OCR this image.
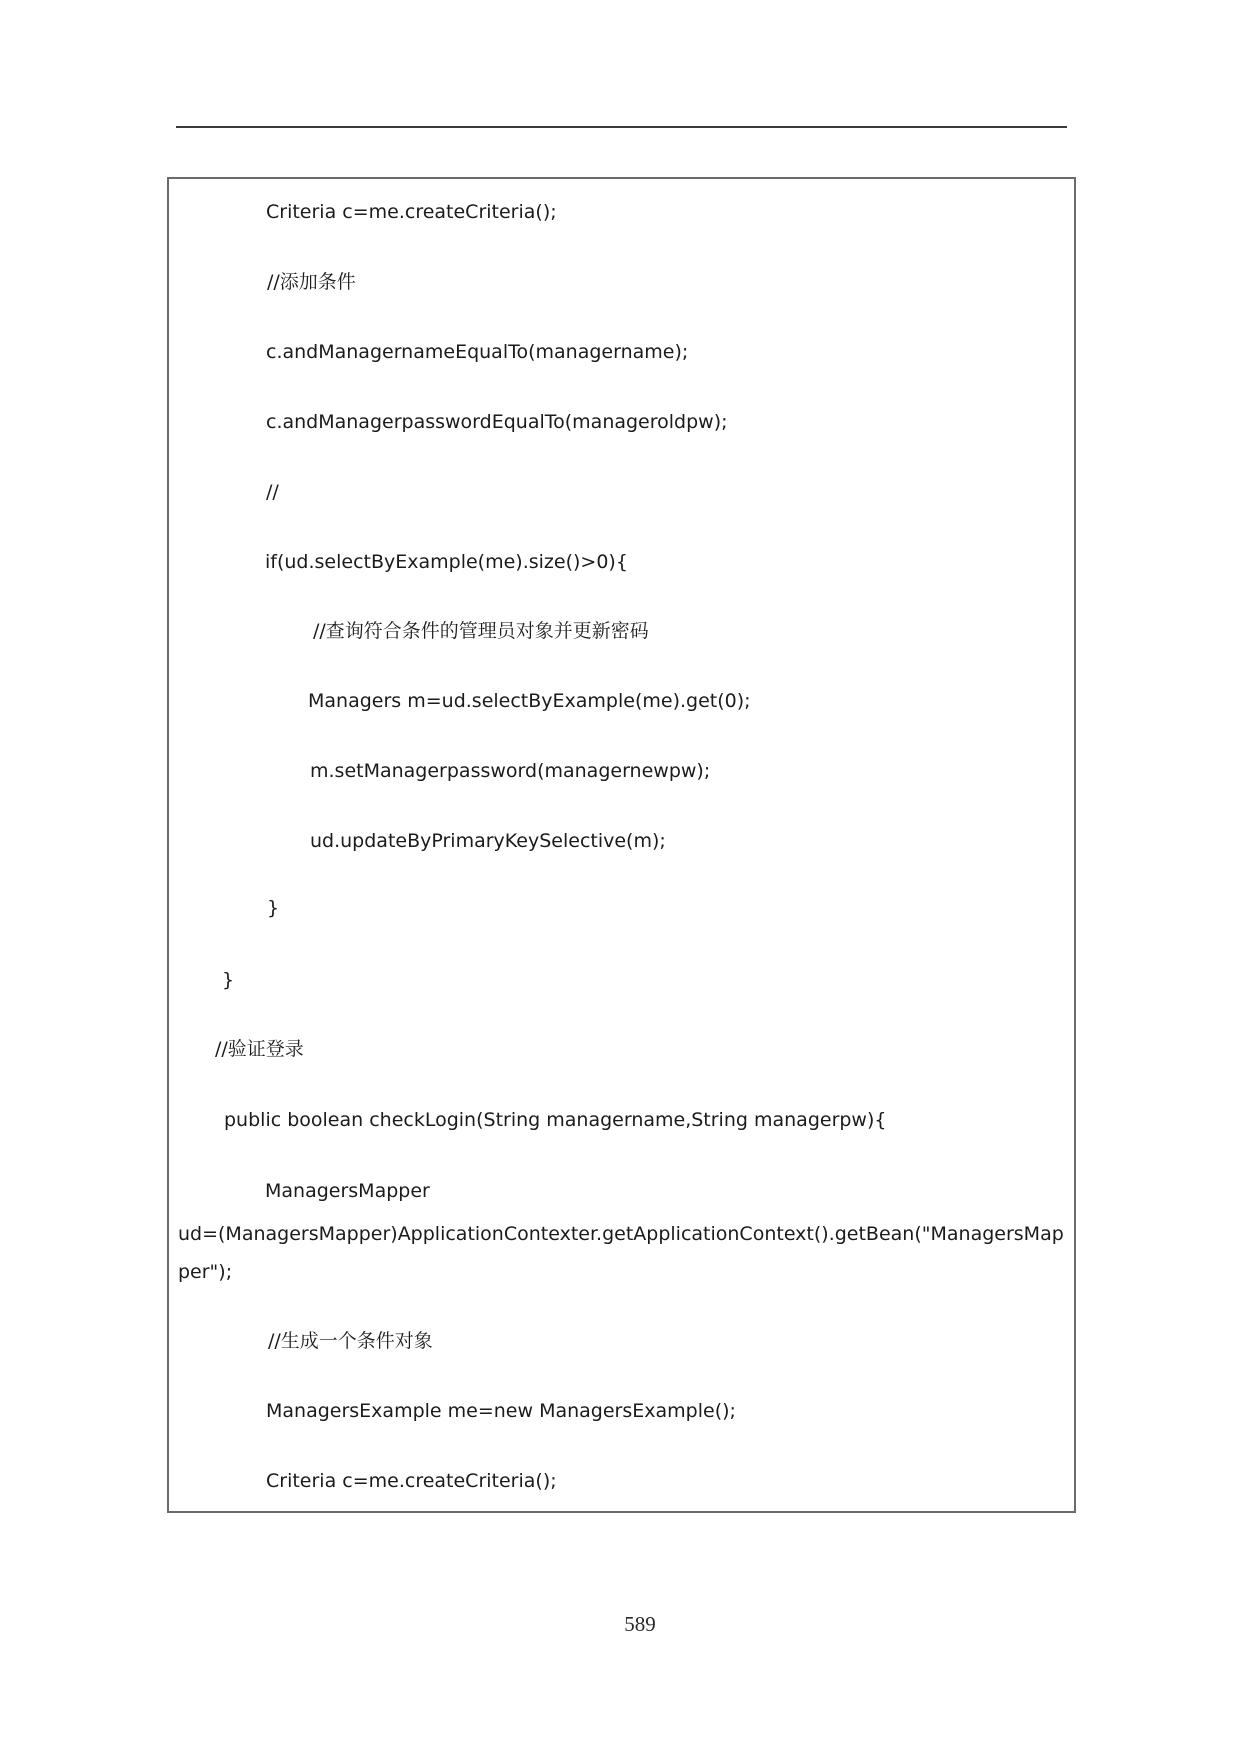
Criteria c=me.createCriteria();
//添加条件
c.andManagernameEqualTo(managername);
c.andManagerpasswordEqualTo(manageroldpw);
//
if(ud.selectByExample(me).size()>0){
//查询符合条件的管理员对象并更新密码
Managers m=ud.selectByExample(me).get(0);
m.setManagerpassword(managernewpw);
ud.updateByPrimaryKeySelective(m);
}
}
//验证登录
public boolean checkLogin(String managername,String managerpw){
ManagersMapper
ud=(ManagersMapper)ApplicationContexter.getApplicationContext().getBean("ManagersMap
per");
//生成一个条件对象
ManagersExample me=new ManagersExample();
Criteria c=me.createCriteria();
589
